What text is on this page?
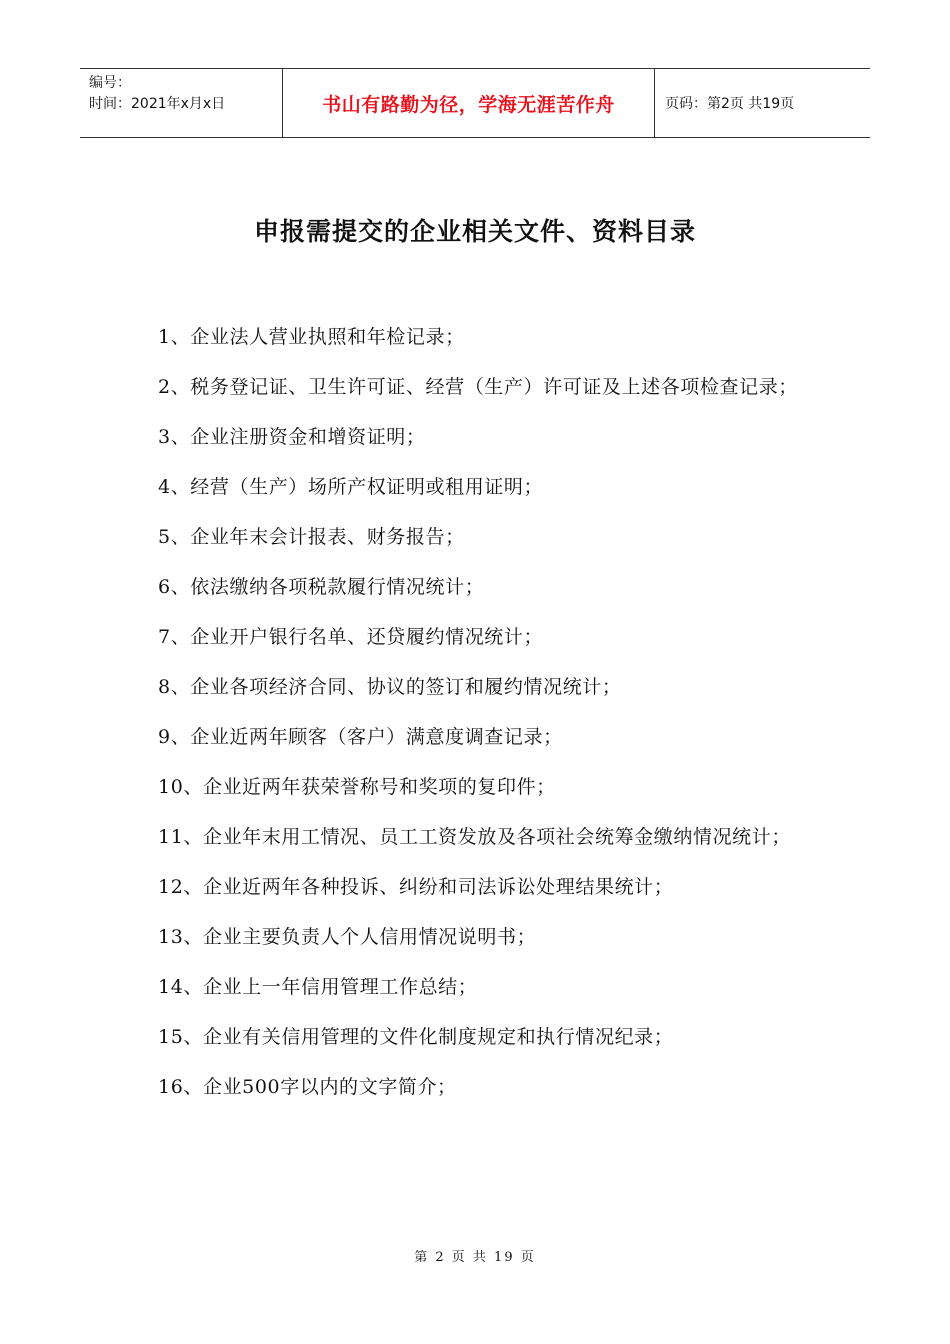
编号：
时间：2021年x月x日	书山有路勤为径，学海无涯苦作舟	页码：第2页 共19页
申报需提交的企业相关文件、资料目录
1、企业法人营业执照和年检记录；
2、税务登记证、卫生许可证、经营（生产）许可证及上述各项检查记录；
3、企业注册资金和增资证明；
4、经营（生产）场所产权证明或租用证明；
5、企业年末会计报表、财务报告；
6、依法缴纳各项税款履行情况统计；
7、企业开户银行名单、还贷履约情况统计；
8、企业各项经济合同、协议的签订和履约情况统计；
9、企业近两年顾客（客户）满意度调查记录；
10、企业近两年获荣誉称号和奖项的复印件；
11、企业年末用工情况、员工工资发放及各项社会统筹金缴纳情况统计；
12、企业近两年各种投诉、纠纷和司法诉讼处理结果统计；
13、企业主要负责人个人信用情况说明书；
14、企业上一年信用管理工作总结；
15、企业有关信用管理的文件化制度规定和执行情况纪录；
16、企业500字以内的文字简介；
第 2 页 共 19 页
